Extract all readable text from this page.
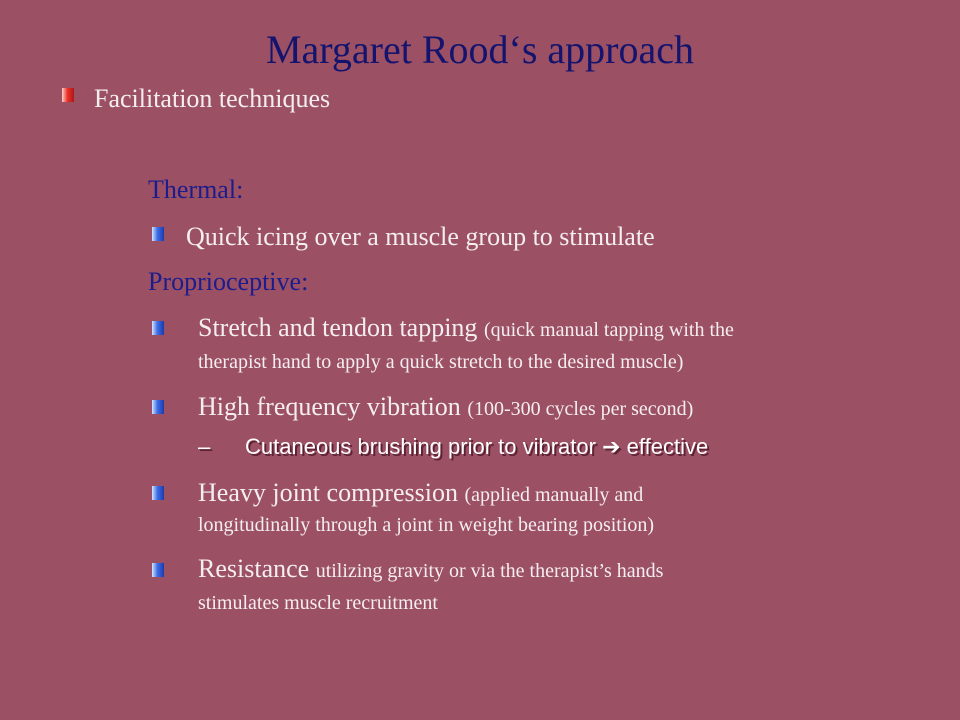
Margaret Rood‘s approach
Facilitation techniques
Thermal:
Quick icing over a muscle group to stimulate
Proprioceptive:
Stretch and tendon tapping (quick manual tapping with the
therapist hand to apply a quick stretch to the desired muscle)
High frequency vibration (100-300 cycles per second)
– Cutaneous brushing prior to vibrator ➔ effective
Heavy joint compression (applied manually and
longitudinally through a joint in weight bearing position)
Resistance utilizing gravity or via the therapist’s hands
stimulates muscle recruitment
